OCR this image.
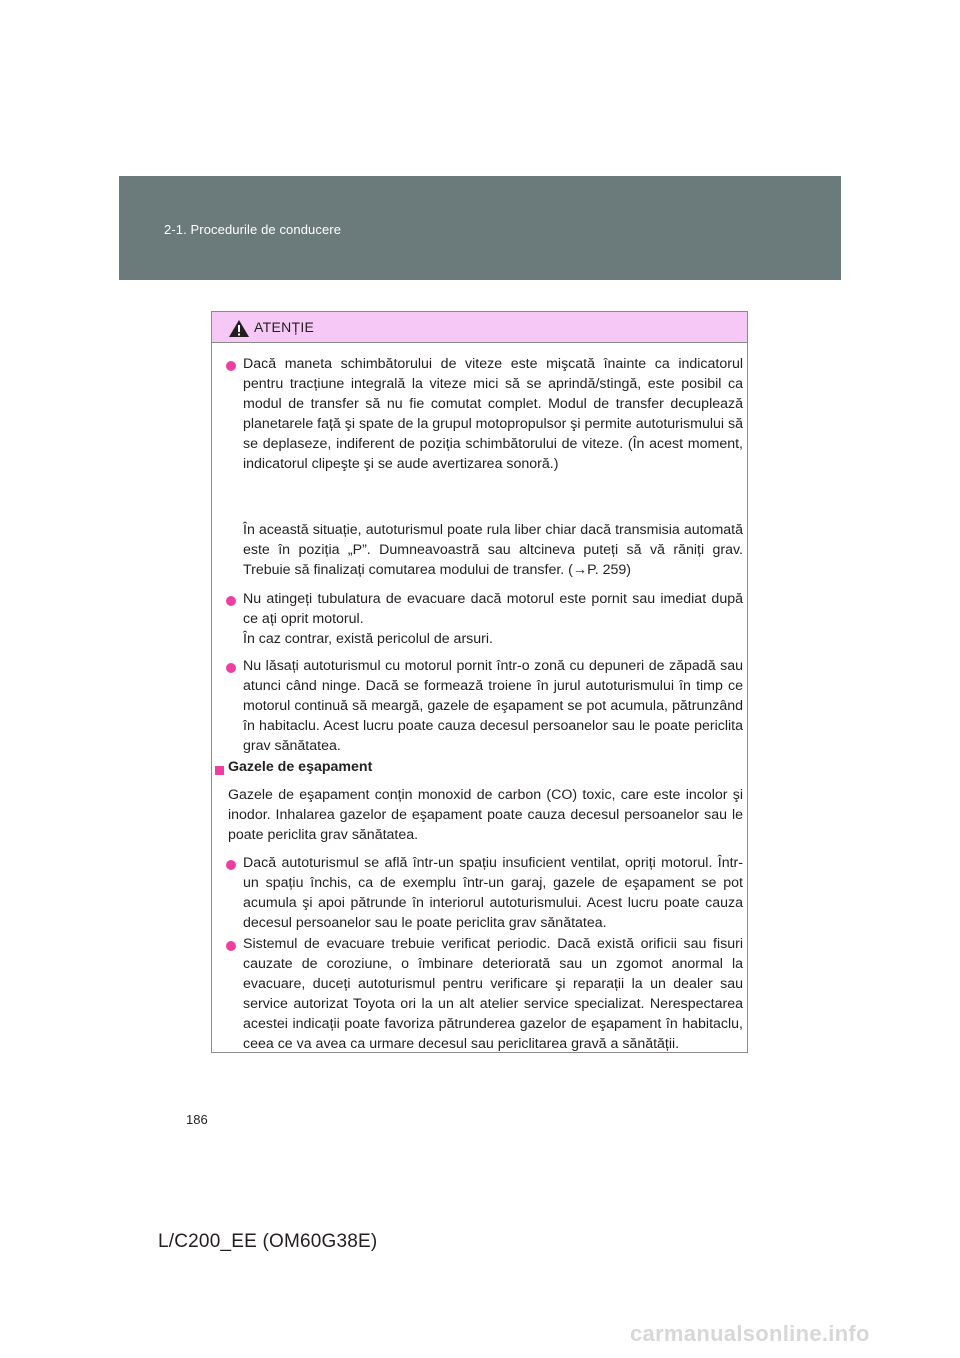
2-1. Procedurile de conducere
ATENȚIE
Dacă maneta schimbătorului de viteze este mişcată înainte ca indicatorul pentru tracțiune integrală la viteze mici să se aprindă/stingă, este posibil ca modul de transfer să nu fie comutat complet. Modul de transfer decuplează planetarele față şi spate de la grupul motopropulsor şi permite autoturismului să se deplaseze, indiferent de poziția schimbătorului de viteze. (În acest moment, indicatorul clipeşte şi se aude avertizarea sonoră.)
În această situație, autoturismul poate rula liber chiar dacă transmisia automată este în poziția „P”. Dumneavoastră sau altcineva puteți să vă răniți grav. Trebuie să finalizați comutarea modului de transfer. (→P. 259)
Nu atingeți tubulatura de evacuare dacă motorul este pornit sau imediat după ce ați oprit motorul.
În caz contrar, există pericolul de arsuri.
Nu lăsați autoturismul cu motorul pornit într-o zonă cu depuneri de zăpadă sau atunci când ninge. Dacă se formează troiene în jurul autoturismului în timp ce motorul continuă să meargă, gazele de eşapament se pot acumula, pătrunzând în habitaclu. Acest lucru poate cauza decesul persoanelor sau le poate periclita grav sănătatea.
Gazele de eşapament
Gazele de eşapament conțin monoxid de carbon (CO) toxic, care este incolor şi inodor. Inhalarea gazelor de eşapament poate cauza decesul persoanelor sau le poate periclita grav sănătatea.
Dacă autoturismul se află într-un spațiu insuficient ventilat, opriți motorul. Într-un spațiu închis, ca de exemplu într-un garaj, gazele de eşapament se pot acumula şi apoi pătrunde în interiorul autoturismului. Acest lucru poate cauza decesul persoanelor sau le poate periclita grav sănătatea.
Sistemul de evacuare trebuie verificat periodic. Dacă există orificii sau fisuri cauzate de coroziune, o îmbinare deteriorată sau un zgomot anormal la evacuare, duceți autoturismul pentru verificare şi reparații la un dealer sau service autorizat Toyota ori la un alt atelier service specializat. Nerespectarea acestei indicații poate favoriza pătrunderea gazelor de eşapament în habitaclu, ceea ce va avea ca urmare decesul sau periclitarea gravă a sănătății.
186
L/C200_EE (OM60G38E)
carmanualsonline.info
